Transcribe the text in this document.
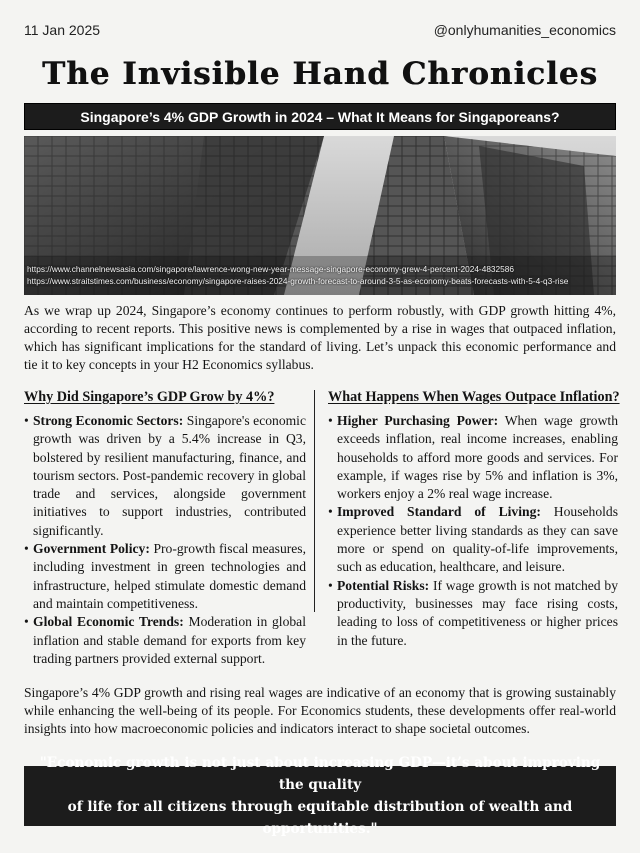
11 Jan 2025	@onlyhumanities_economics
The Invisible Hand Chronicles
Singapore’s 4% GDP Growth in 2024 – What It Means for Singaporeans?
https://www.channelnewsasia.com/singapore/lawrence-wong-new-year-message-singapore-economy-grew-4-percent-2024-4832586
https://www.straitstimes.com/business/economy/singapore-raises-2024-growth-forecast-to-around-3-5-as-economy-beats-forecasts-with-5-4-q3-rise

As we wrap up 2024, Singapore’s economy continues to perform robustly, with GDP growth hitting 4%, according to recent reports. This positive news is complemented by a rise in wages that outpaced inflation, which has significant implications for the standard of living. Let’s unpack this economic performance and tie it to key concepts in your H2 Economics syllabus.

Why Did Singapore’s GDP Grow by 4%?
• Strong Economic Sectors: Singapore's economic growth was driven by a 5.4% increase in Q3, bolstered by resilient manufacturing, finance, and tourism sectors. Post-pandemic recovery in global trade and services, alongside government initiatives to support industries, contributed significantly.
• Government Policy: Pro-growth fiscal measures, including investment in green technologies and infrastructure, helped stimulate domestic demand and maintain competitiveness.
• Global Economic Trends: Moderation in global inflation and stable demand for exports from key trading partners provided external support.
What Happens When Wages Outpace Inflation?
• Higher Purchasing Power: When wage growth exceeds inflation, real income increases, enabling households to afford more goods and services. For example, if wages rise by 5% and inflation is 3%, workers enjoy a 2% real wage increase.
• Improved Standard of Living: Households experience better living standards as they can save more or spend on quality-of-life improvements, such as education, healthcare, and leisure.
• Potential Risks: If wage growth is not matched by productivity, businesses may face rising costs, leading to loss of competitiveness or higher prices in the future.

Singapore’s 4% GDP growth and rising real wages are indicative of an economy that is growing sustainably while enhancing the well-being of its people. For Economics students, these developments offer real-world insights into how macroeconomic policies and indicators interact to shape societal outcomes.

"Economic growth is not just about increasing GDP—it’s about improving the quality
of life for all citizens through equitable distribution of wealth and opportunities."
